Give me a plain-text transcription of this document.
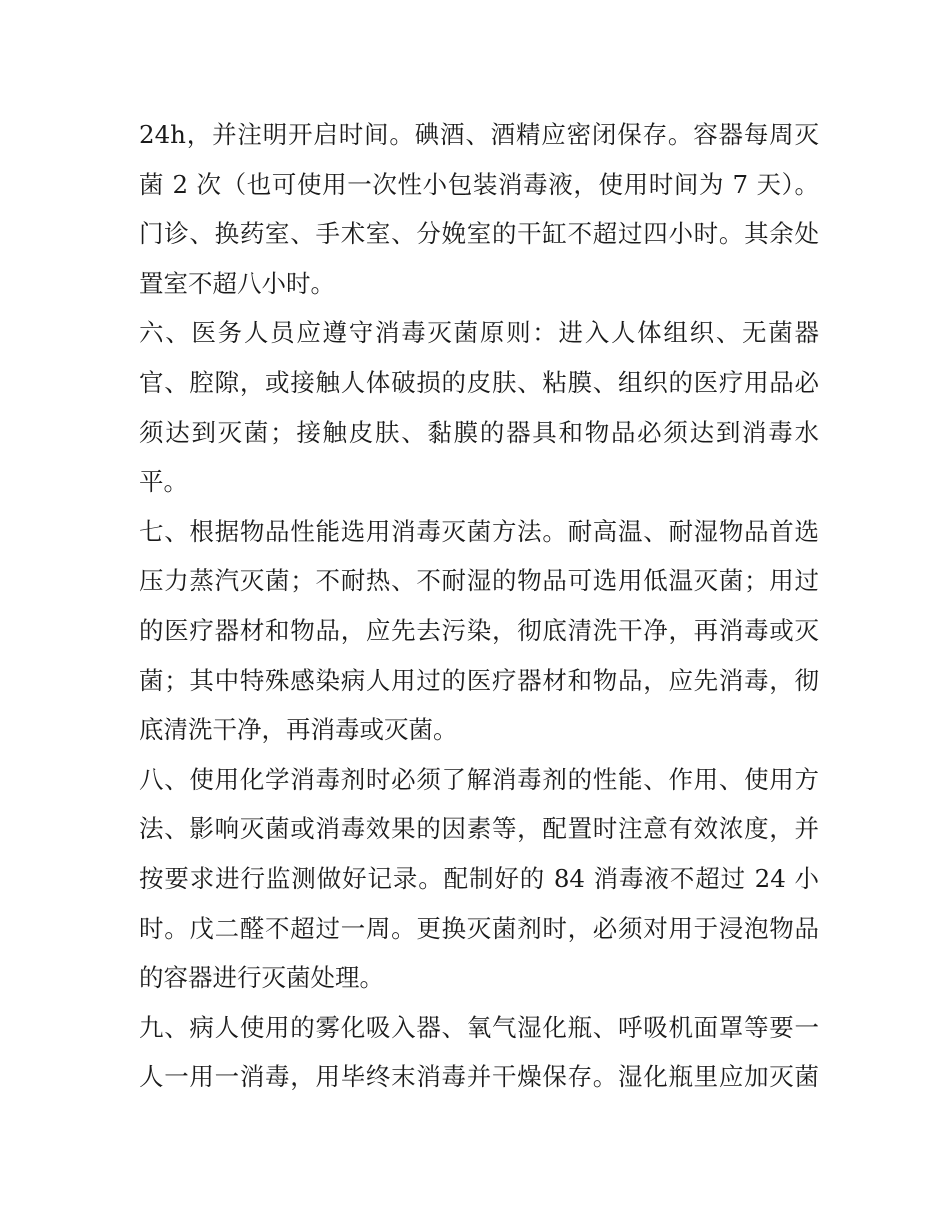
24h，并注明开启时间。碘酒、酒精应密闭保存。容器每周灭
菌 2 次（也可使用一次性小包装消毒液，使用时间为 7 天）。
门诊、换药室、手术室、分娩室的干缸不超过四小时。其余处
置室不超八小时。
六、医务人员应遵守消毒灭菌原则：进入人体组织、无菌器
官、腔隙，或接触人体破损的皮肤、粘膜、组织的医疗用品必
须达到灭菌；接触皮肤、黏膜的器具和物品必须达到消毒水
平。
七、根据物品性能选用消毒灭菌方法。耐高温、耐湿物品首选
压力蒸汽灭菌；不耐热、不耐湿的物品可选用低温灭菌；用过
的医疗器材和物品，应先去污染，彻底清洗干净，再消毒或灭
菌；其中特殊感染病人用过的医疗器材和物品，应先消毒，彻
底清洗干净，再消毒或灭菌。
八、使用化学消毒剂时必须了解消毒剂的性能、作用、使用方
法、影响灭菌或消毒效果的因素等，配置时注意有效浓度，并
按要求进行监测做好记录。配制好的 84 消毒液不超过 24 小
时。戊二醛不超过一周。更换灭菌剂时，必须对用于浸泡物品
的容器进行灭菌处理。
九、病人使用的雾化吸入器、氧气湿化瓶、呼吸机面罩等要一
人一用一消毒，用毕终末消毒并干燥保存。湿化瓶里应加灭菌
